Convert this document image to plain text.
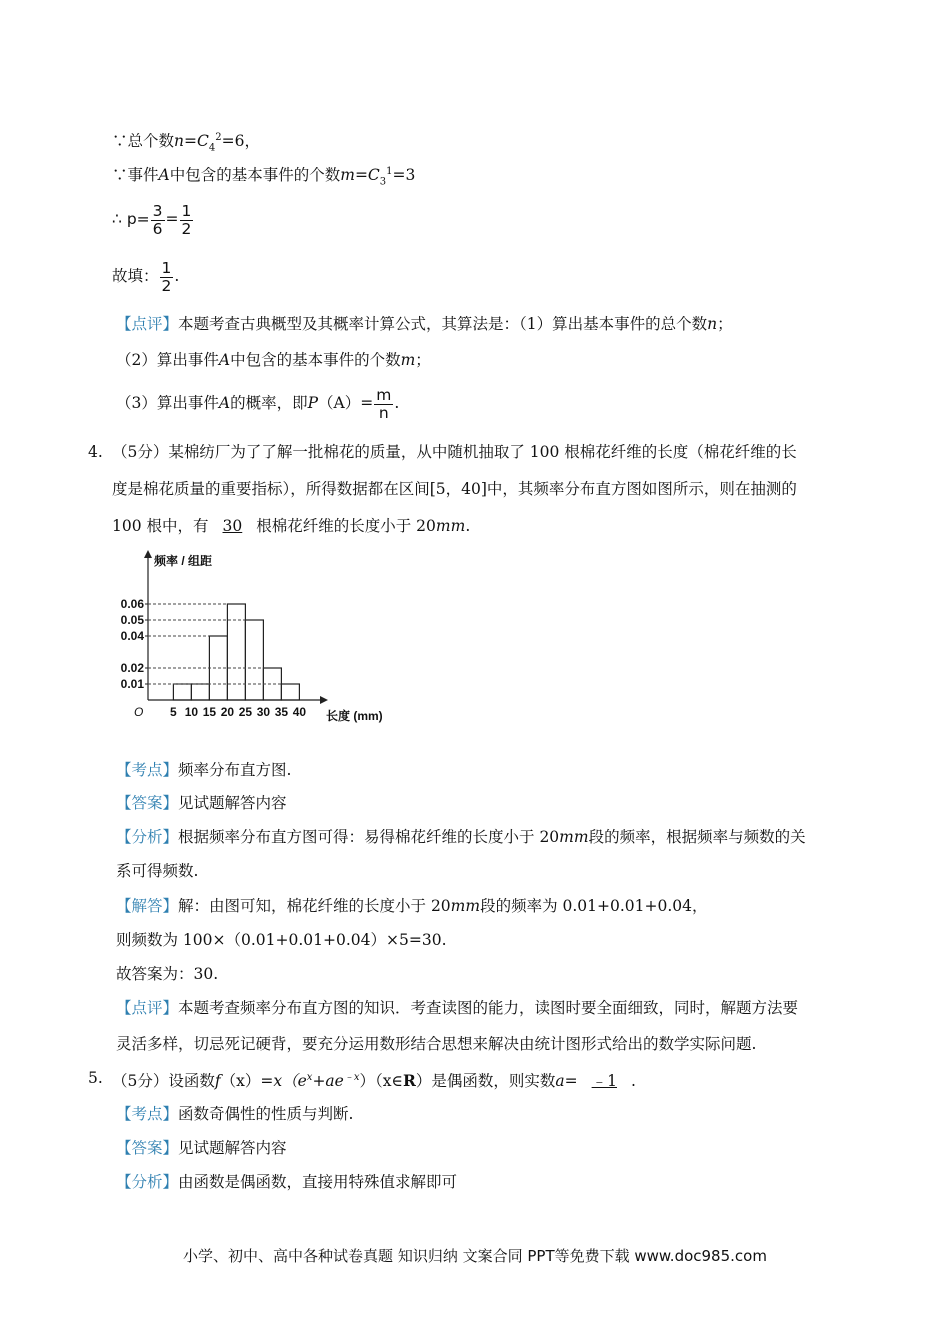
∵总个数$n=C_4^2=6$，
∵事件A中包含的基本事件的个数$m=C_3^1=3$
∴ $p= \frac{3}{6} = \frac{1}{2}$
故填： $\frac{1}{2}$ .
【点评】本题考查古典概型及其概率计算公式，其算法是：（1）算出基本事件的总个数n；
（2）算出事件A中包含的基本事件的个数m；
（3）算出事件A的概率，即$P(A)= \frac{m}{n}$ .
4. （5分）某棉纺厂为了了解一批棉花的质量，从中随机抽取了 100 根棉花纤维的长度（棉花纤维的长
度是棉花质量的重要指标），所得数据都在区间[5，40]中，其频率分布直方图如图所示，则在抽测的
100 根中，有 30 根棉花纤维的长度小于 20mm.
频率 / 组距
长度 (mm)
O
0.01
0.02
0.04
0.05
0.06
5 10 15 20 25 30 35 40
【考点】频率分布直方图.
【答案】见试题解答内容
【分析】根据频率分布直方图可得：易得棉花纤维的长度小于 20mm段的频率，根据频率与频数的关
系可得频数.
【解答】解：由图可知，棉花纤维的长度小于 20mm段的频率为 0.01+0.01+0.04，
则频数为 100×（0.01+0.01+0.04）×5=30.
故答案为：30.
【点评】本题考查频率分布直方图的知识．考查读图的能力，读图时要全面细致，同时，解题方法要
灵活多样，切忌死记硬背，要充分运用数形结合思想来解决由统计图形式给出的数学实际问题.
5. （5分）设函数$f(x)=x(e^x+ae^{﹣x})(x\in R)$是偶函数，则实数a= ﹣1 .
【考点】函数奇偶性的性质与判断.
【答案】见试题解答内容
【分析】由函数是偶函数，直接用特殊值求解即可
小学、初中、高中各种试卷真题 知识归纳 文案合同 PPT等免费下载 www.doc985.com
